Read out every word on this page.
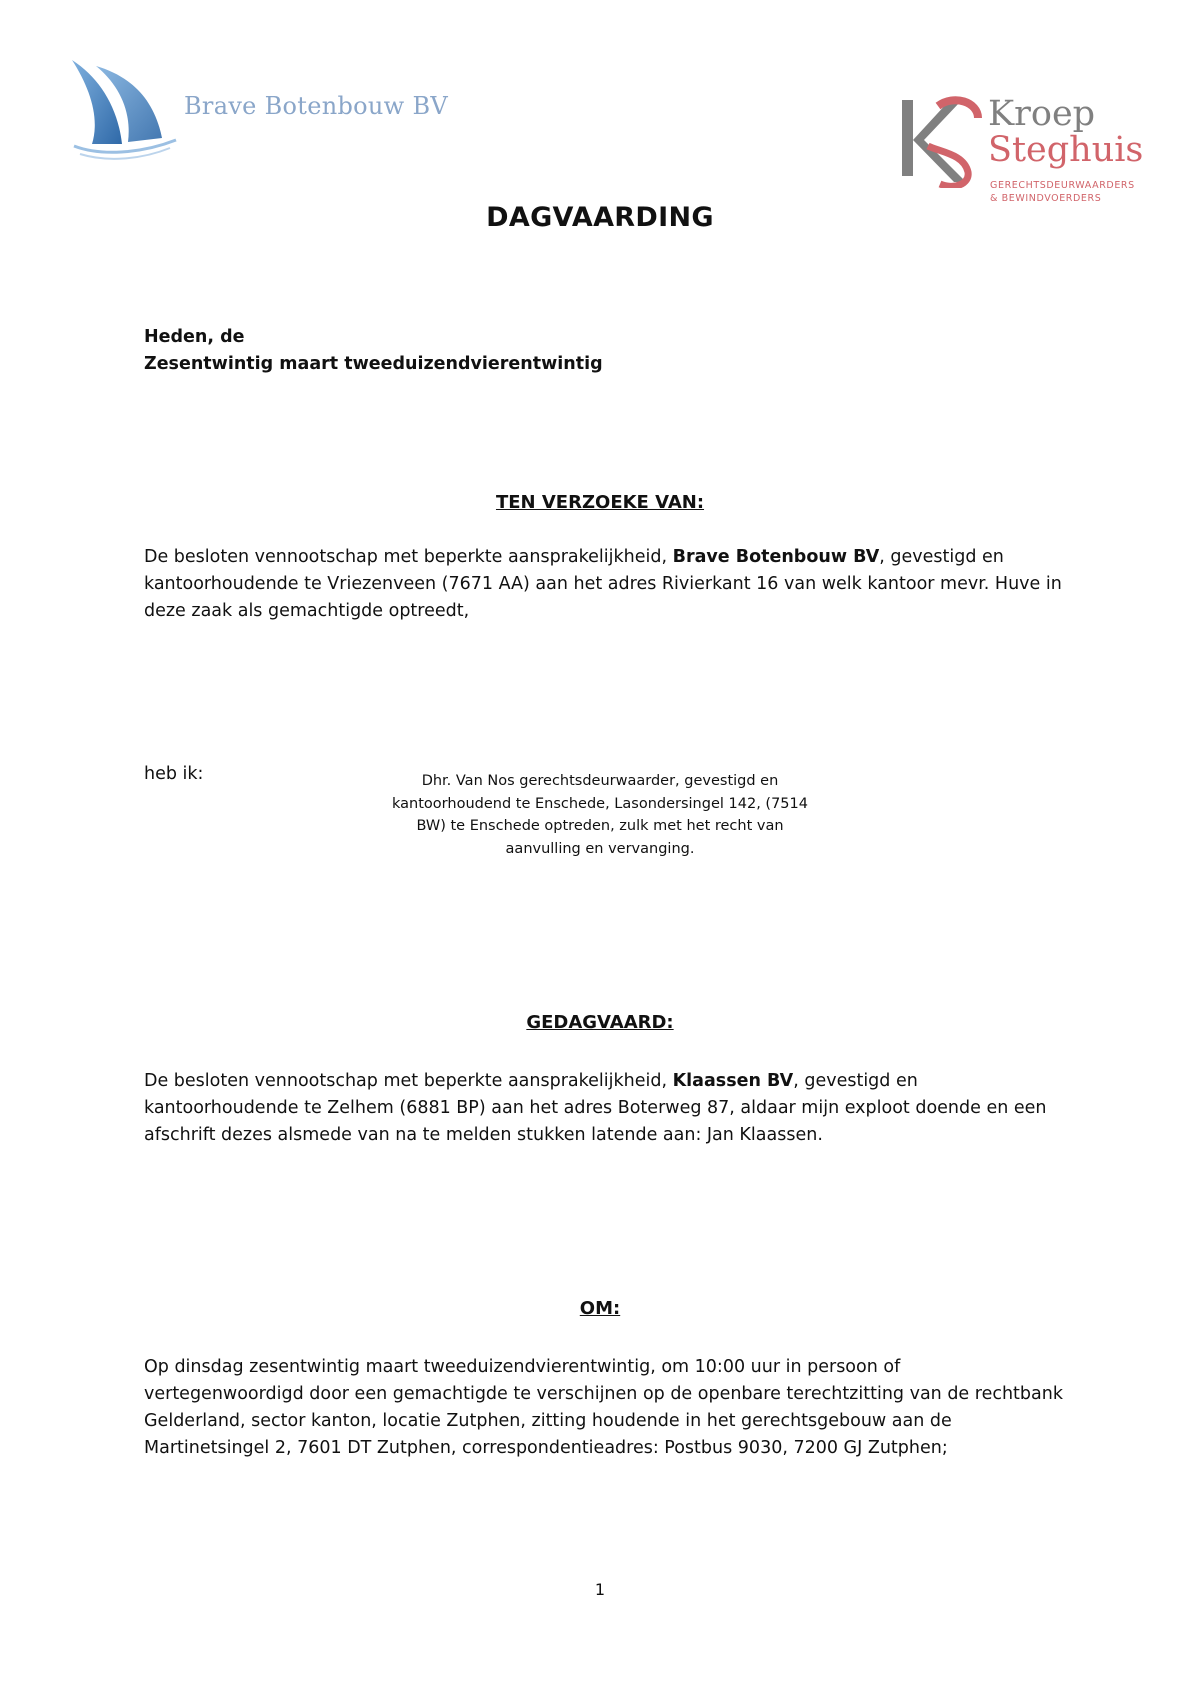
Brave Botenbouw BV	Kroep
Steghuis
GERECHTSDEURWAARDERS
& BEWINDVOERDERS
DAGVAARDING
Heden, de
Zesentwintig maart tweeduizendvierentwintig
TEN VERZOEKE VAN:
De besloten vennootschap met beperkte aansprakelijkheid, Brave Botenbouw BV, gevestigd en kantoorhoudende te Vriezenveen (7671 AA) aan het adres Rivierkant 16 van welk kantoor mevr. Huve in deze zaak als gemachtigde optreedt,
heb ik:	Dhr. Van Nos gerechtsdeurwaarder, gevestigd en kantoorhoudend te Enschede, Lasondersingel 142, (7514 BW) te Enschede optreden, zulk met het recht van aanvulling en vervanging.
GEDAGVAARD:
De besloten vennootschap met beperkte aansprakelijkheid, Klaassen BV, gevestigd en kantoorhoudende te Zelhem (6881 BP) aan het adres Boterweg 87, aldaar mijn exploot doende en een afschrift dezes alsmede van na te melden stukken latende aan: Jan Klaassen.
OM:
Op dinsdag zesentwintig maart tweeduizendvierentwintig, om 10:00 uur in persoon of vertegenwoordigd door een gemachtigde te verschijnen op de openbare terechtzitting van de rechtbank Gelderland, sector kanton, locatie Zutphen, zitting houdende in het gerechtsgebouw aan de Martinetsingel 2, 7601 DT Zutphen, correspondentieadres: Postbus 9030, 7200 GJ Zutphen;
1
